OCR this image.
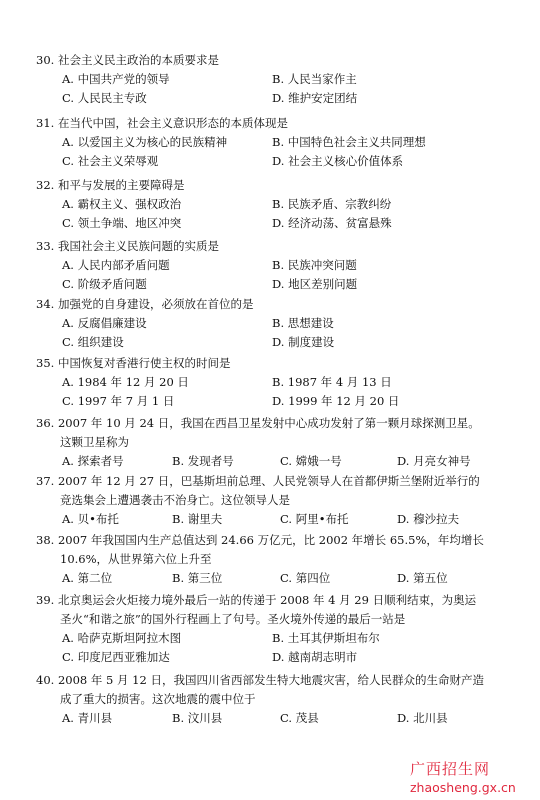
30. 社会主义民主政治的本质要求是
A. 中国共产党的领导	B. 人民当家作主
C. 人民民主专政	D. 维护安定团结
31. 在当代中国，社会主义意识形态的本质体现是
A. 以爱国主义为核心的民族精神	B. 中国特色社会主义共同理想
C. 社会主义荣辱观	D. 社会主义核心价值体系
32. 和平与发展的主要障碍是
A. 霸权主义、强权政治	B. 民族矛盾、宗教纠纷
C. 领土争端、地区冲突	D. 经济动荡、贫富悬殊
33. 我国社会主义民族问题的实质是
A. 人民内部矛盾问题	B. 民族冲突问题
C. 阶级矛盾问题	D. 地区差别问题
34. 加强党的自身建设，必须放在首位的是
A. 反腐倡廉建设	B. 思想建设
C. 组织建设	D. 制度建设
35. 中国恢复对香港行使主权的时间是
A. 1984 年 12 月 20 日	B. 1987 年 4 月 13 日
C. 1997 年 7 月 1 日	D. 1999 年 12 月 20 日
36. 2007 年 10 月 24 日，我国在西昌卫星发射中心成功发射了第一颗月球探测卫星。
这颗卫星称为
A. 探索者号	B. 发现者号	C. 嫦娥一号	D. 月亮女神号
37. 2007 年 12 月 27 日，巴基斯坦前总理、人民党领导人在首都伊斯兰堡附近举行的
竞选集会上遭遇袭击不治身亡。这位领导人是
A. 贝•布托	B. 谢里夫	C. 阿里•布托	D. 穆沙拉夫
38. 2007 年我国国内生产总值达到 24.66 万亿元，比 2002 年增长 65.5%，年均增长
10.6%，从世界第六位上升至
A. 第二位	B. 第三位	C. 第四位	D. 第五位
39. 北京奥运会火炬接力境外最后一站的传递于 2008 年 4 月 29 日顺利结束，为奥运
圣火“和谐之旅”的国外行程画上了句号。圣火境外传递的最后一站是
A. 哈萨克斯坦阿拉木图	B. 土耳其伊斯坦布尔
C. 印度尼西亚雅加达	D. 越南胡志明市
40. 2008 年 5 月 12 日，我国四川省西部发生特大地震灾害，给人民群众的生命财产造
成了重大的损害。这次地震的震中位于
A. 青川县	B. 汶川县	C. 茂县	D. 北川县
广西招生网
zhaosheng.gx.cn
